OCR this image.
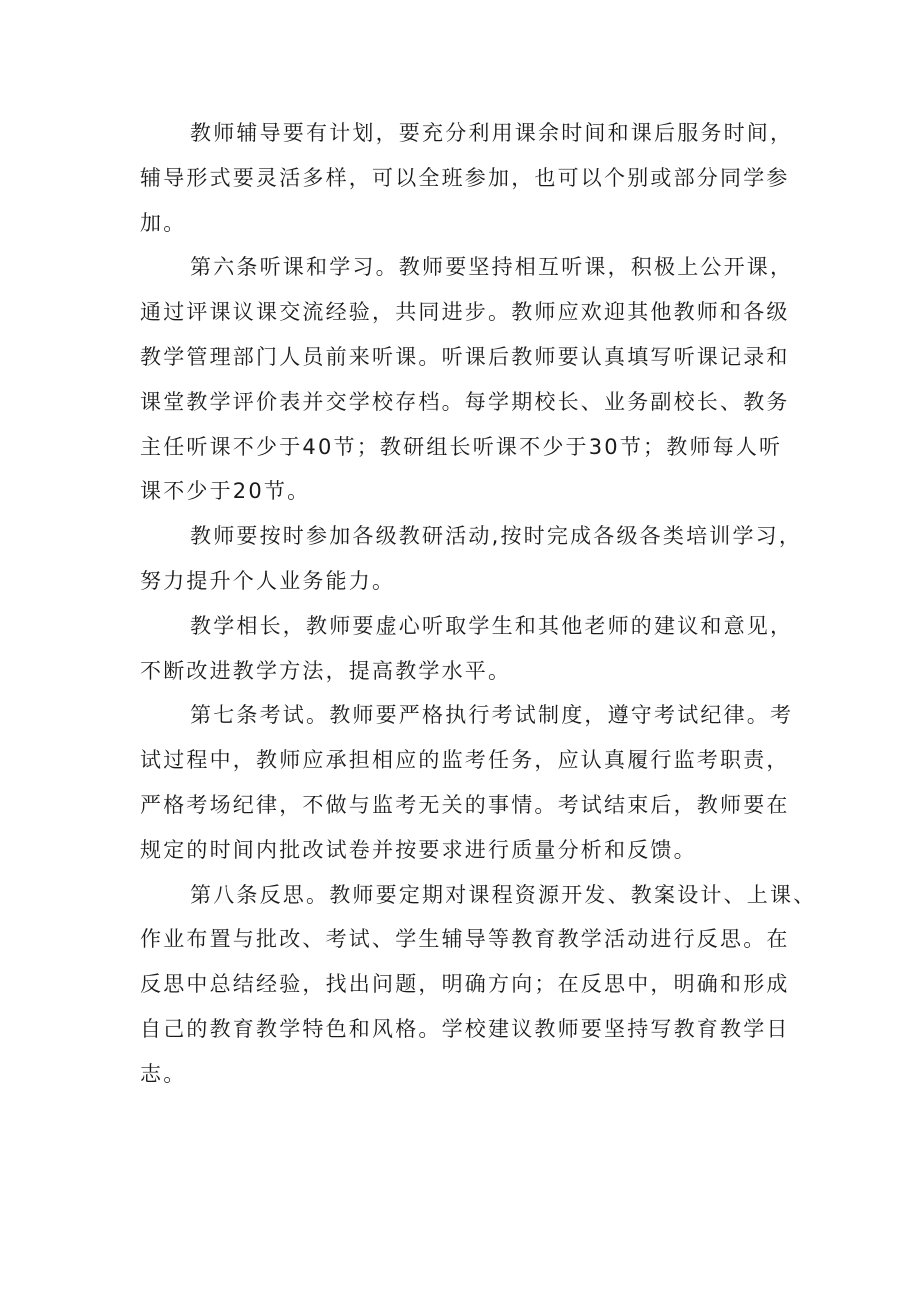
教师辅导要有计划，要充分利用课余时间和课后服务时间，
辅导形式要灵活多样，可以全班参加，也可以个别或部分同学参
加。

第六条听课和学习。教师要坚持相互听课，积极上公开课，
通过评课议课交流经验，共同进步。教师应欢迎其他教师和各级
教学管理部门人员前来听课。听课后教师要认真填写听课记录和
课堂教学评价表并交学校存档。每学期校长、业务副校长、教务
主任听课不少于40节；教研组长听课不少于30节；教师每人听
课不少于20节。

教师要按时参加各级教研活动,按时完成各级各类培训学习，
努力提升个人业务能力。

教学相长，教师要虚心听取学生和其他老师的建议和意见，
不断改进教学方法，提高教学水平。

第七条考试。教师要严格执行考试制度，遵守考试纪律。考
试过程中，教师应承担相应的监考任务，应认真履行监考职责，
严格考场纪律，不做与监考无关的事情。考试结束后，教师要在
规定的时间内批改试卷并按要求进行质量分析和反馈。

第八条反思。教师要定期对课程资源开发、教案设计、上课、
作业布置与批改、考试、学生辅导等教育教学活动进行反思。在
反思中总结经验，找出问题，明确方向；在反思中，明确和形成
自己的教育教学特色和风格。学校建议教师要坚持写教育教学日
志。
